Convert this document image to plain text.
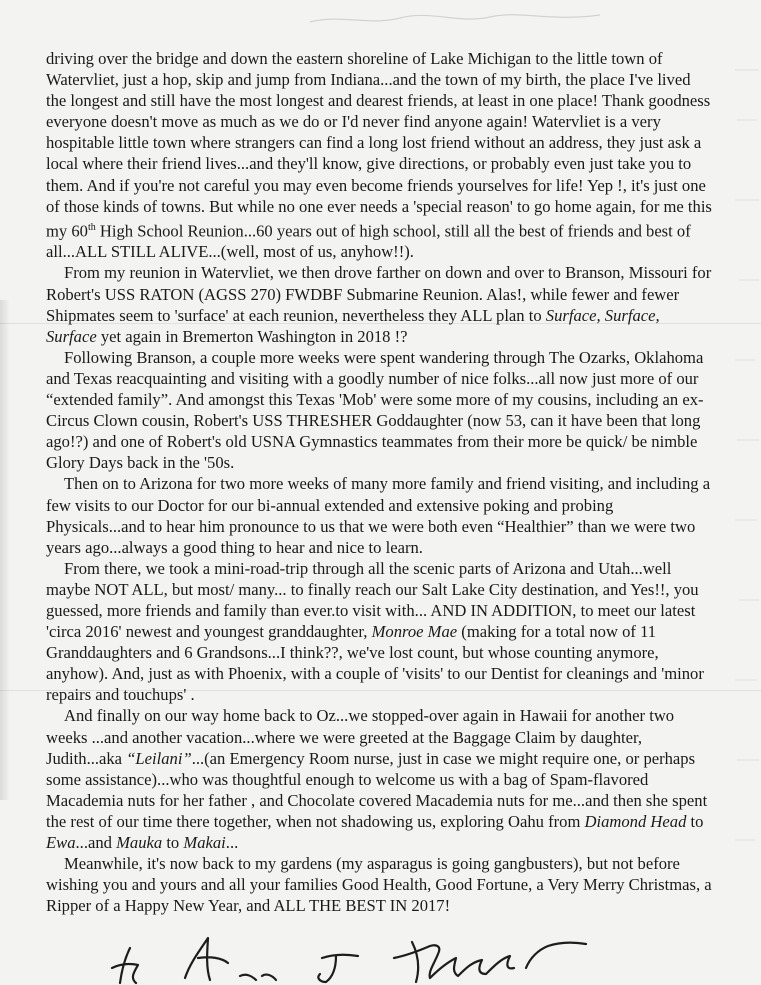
driving over the bridge and down the eastern shoreline of Lake Michigan to the little town of Watervliet, just a hop, skip and jump from Indiana...and the town of my birth, the place I've lived the longest and still have the most longest and dearest friends, at least in one place! Thank goodness everyone doesn't move as much as we do or I'd never find anyone again! Watervliet is a very hospitable little town where strangers can find a long lost friend without an address, they just ask a local where their friend lives...and they'll know, give directions, or probably even just take you to them. And if you're not careful you may even become friends yourselves for life! Yep !, it's just one of those kinds of towns. But while no one ever needs a 'special reason' to go home again, for me this my 60th High School Reunion...60 years out of high school, still all the best of friends and best of all...ALL STILL ALIVE...(well, most of us, anyhow!!).

From my reunion in Watervliet, we then drove farther on down and over to Branson, Missouri for Robert's USS RATON (AGSS 270) FWDBF Submarine Reunion. Alas!, while fewer and fewer Shipmates seem to 'surface' at each reunion, nevertheless they ALL plan to Surface, Surface, Surface yet again in Bremerton Washington in 2018 !?

Following Branson, a couple more weeks were spent wandering through The Ozarks, Oklahoma and Texas reacquainting and visiting with a goodly number of nice folks...all now just more of our “extended family”. And amongst this Texas 'Mob' were some more of my cousins, including an ex-Circus Clown cousin, Robert's USS THRESHER Goddaughter (now 53, can it have been that long ago!?) and one of Robert's old USNA Gymnastics teammates from their more be quick/ be nimble Glory Days back in the '50s.

Then on to Arizona for two more weeks of many more family and friend visiting, and including a few visits to our Doctor for our bi-annual extended and extensive poking and probing Physicals...and to hear him pronounce to us that we were both even “Healthier” than we were two years ago...always a good thing to hear and nice to learn.

From there, we took a mini-road-trip through all the scenic parts of Arizona and Utah...well maybe NOT ALL, but most/ many... to finally reach our Salt Lake City destination, and Yes!!, you guessed, more friends and family than ever.to visit with... AND IN ADDITION, to meet our latest 'circa 2016' newest and youngest granddaughter, Monroe Mae (making for a total now of 11 Granddaughters and 6 Grandsons...I think??, we've lost count, but whose counting anymore, anyhow). And, just as with Phoenix, with a couple of 'visits' to our Dentist for cleanings and 'minor repairs and touchups' .

And finally on our way home back to Oz...we stopped-over again in Hawaii for another two weeks ...and another vacation...where we were greeted at the Baggage Claim by daughter, Judith...aka “Leilani”...(an Emergency Room nurse, just in case we might require one, or perhaps some assistance)...who was thoughtful enough to welcome us with a bag of Spam-flavored Macademia nuts for her father , and Chocolate covered Macademia nuts for me...and then she spent the rest of our time there together, when not shadowing us, exploring Oahu from Diamond Head to Ewa...and Mauka to Makai...

Meanwhile, it's now back to my gardens (my asparagus is going gangbusters), but not before wishing you and yours and all your families Good Health, Good Fortune, a Very Merry Christmas, a Ripper of a Happy New Year, and ALL THE BEST IN 2017!
